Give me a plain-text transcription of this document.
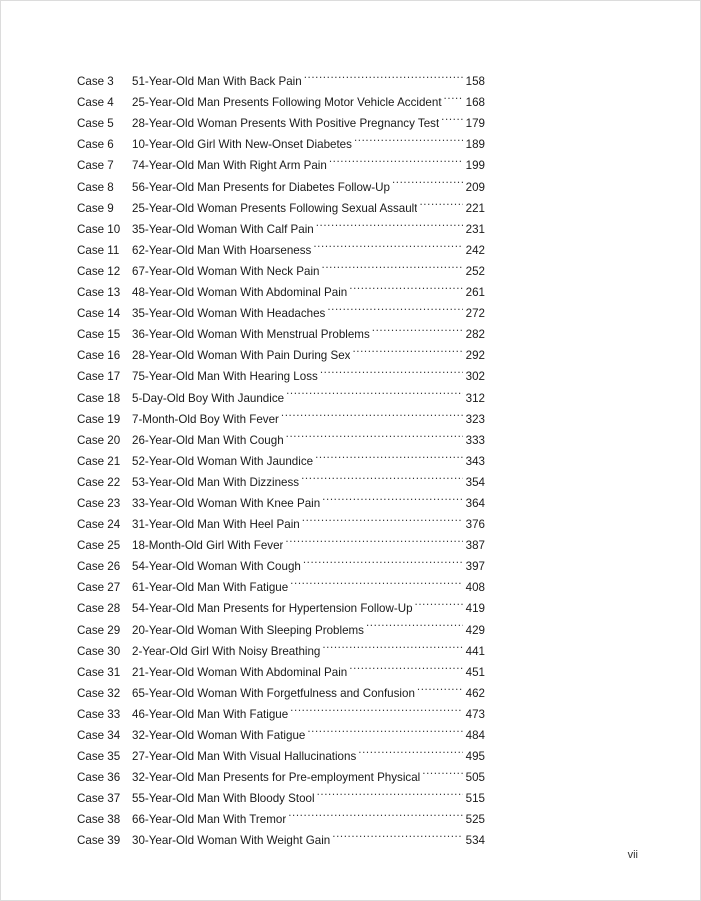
Case 3	51-Year-Old Man With Back Pain .....	158
Case 4	25-Year-Old Man Presents Following Motor Vehicle Accident ..... 168
Case 5	28-Year-Old Woman Presents With Positive Pregnancy Test ..... 179
Case 6	10-Year-Old Girl With New-Onset Diabetes .....	189
Case 7	74-Year-Old Man With Right Arm Pain .....	199
Case 8	56-Year-Old Man Presents for Diabetes Follow-Up .....	209
Case 9	25-Year-Old Woman Presents Following Sexual Assault .....	221
Case 10	35-Year-Old Woman With Calf Pain .....	231
Case 11	62-Year-Old Man With Hoarseness .....	242
Case 12	67-Year-Old Woman With Neck Pain .....	252
Case 13	48-Year-Old Woman With Abdominal Pain .....	261
Case 14	35-Year-Old Woman With Headaches .....	272
Case 15	36-Year-Old Woman With Menstrual Problems .....	282
Case 16	28-Year-Old Woman With Pain During Sex .....	292
Case 17	75-Year-Old Man With Hearing Loss .....	302
Case 18	5-Day-Old Boy With Jaundice .....	312
Case 19	7-Month-Old Boy With Fever .....	323
Case 20	26-Year-Old Man With Cough .....	333
Case 21	52-Year-Old Woman With Jaundice .....	343
Case 22	53-Year-Old Man With Dizziness .....	354
Case 23	33-Year-Old Woman With Knee Pain .....	364
Case 24	31-Year-Old Man With Heel Pain .....	376
Case 25	18-Month-Old Girl With Fever .....	387
Case 26	54-Year-Old Woman With Cough .....	397
Case 27	61-Year-Old Man With Fatigue .....	408
Case 28	54-Year-Old Man Presents for Hypertension Follow-Up .....	419
Case 29	20-Year-Old Woman With Sleeping Problems .....	429
Case 30	2-Year-Old Girl With Noisy Breathing .....	441
Case 31	21-Year-Old Woman With Abdominal Pain .....	451
Case 32	65-Year-Old Woman With Forgetfulness and Confusion .....	462
Case 33	46-Year-Old Man With Fatigue .....	473
Case 34	32-Year-Old Woman With Fatigue .....	484
Case 35	27-Year-Old Man With Visual Hallucinations .....	495
Case 36	32-Year-Old Man Presents for Pre-employment Physical .....	505
Case 37	55-Year-Old Man With Bloody Stool .....	515
Case 38	66-Year-Old Man With Tremor .....	525
Case 39	30-Year-Old Woman With Weight Gain .....	534
vii
